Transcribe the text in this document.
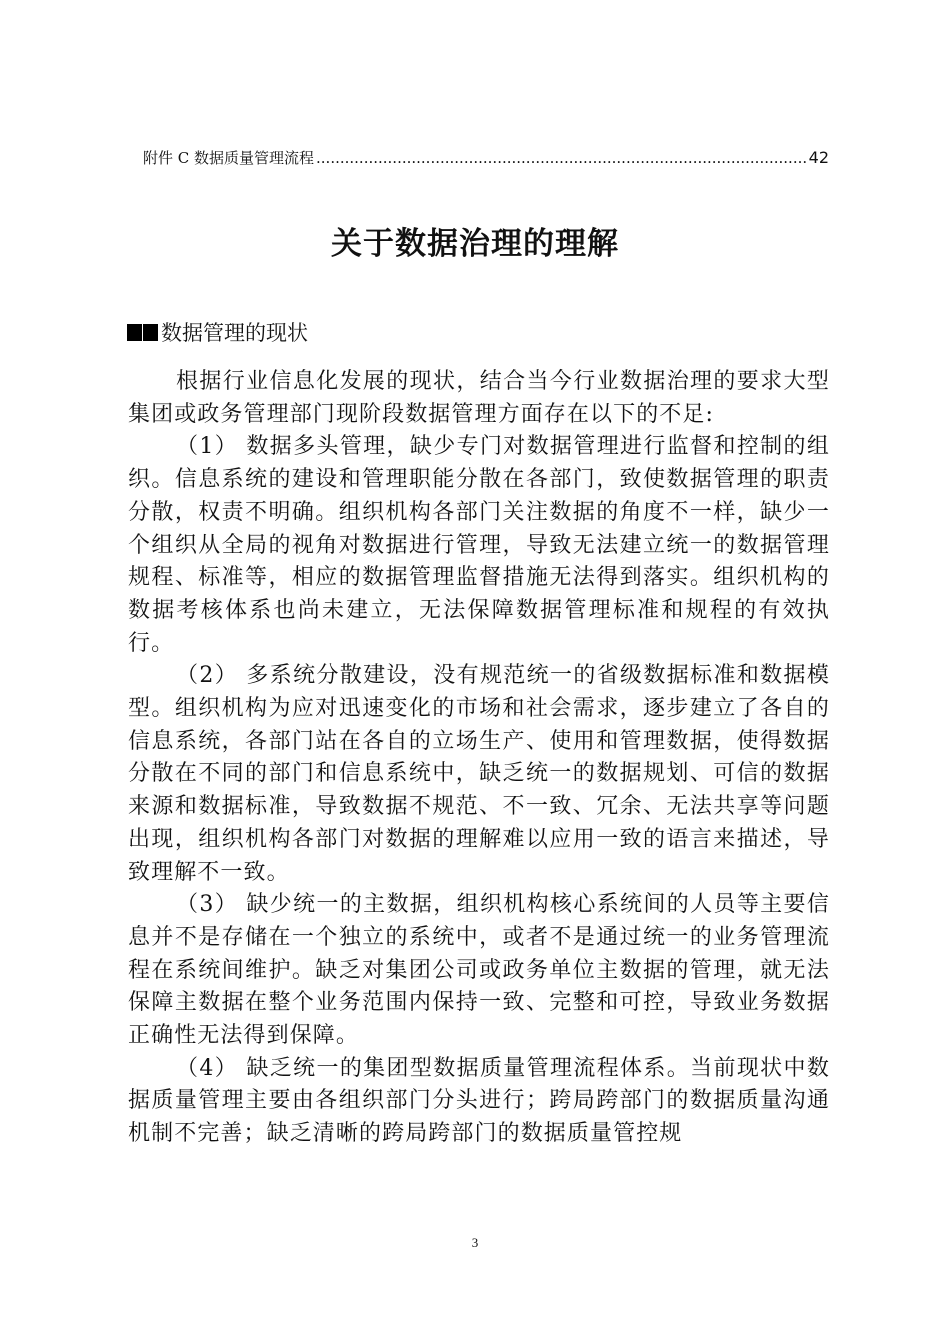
附件 C 数据质量管理流程
.....	42
关于数据治理的理解
数据管理的现状

根据行业信息化发展的现状，结合当今行业数据治理的要求大型集团或政务管理部门现阶段数据管理方面存在以下的不足:

（1） 数据多头管理，缺少专门对数据管理进行监督和控制的组织。信息系统的建设和管理职能分散在各部门，致使数据管理的职责分散，权责不明确。组织机构各部门关注数据的角度不一样，缺少一个组织从全局的视角对数据进行管理，导致无法建立统一的数据管理规程、标准等，相应的数据管理监督措施无法得到落实。组织机构的数据考核体系也尚未建立，无法保障数据管理标准和规程的有效执行。

（2） 多系统分散建设，没有规范统一的省级数据标准和数据模型。组织机构为应对迅速变化的市场和社会需求，逐步建立了各自的信息系统，各部门站在各自的立场生产、使用和管理数据，使得数据分散在不同的部门和信息系统中，缺乏统一的数据规划、可信的数据来源和数据标准，导致数据不规范、不一致、冗余、无法共享等问题出现，组织机构各部门对数据的理解难以应用一致的语言来描述，导致理解不一致。

（3） 缺少统一的主数据，组织机构核心系统间的人员等主要信息并不是存储在一个独立的系统中，或者不是通过统一的业务管理流程在系统间维护。缺乏对集团公司或政务单位主数据的管理，就无法保障主数据在整个业务范围内保持一致、完整和可控，导致业务数据正确性无法得到保障。

（4） 缺乏统一的集团型数据质量管理流程体系。当前现状中数据质量管理主要由各组织部门分头进行；跨局跨部门的数据质量沟通机制不完善；缺乏清晰的跨局跨部门的数据质量管控规

3
